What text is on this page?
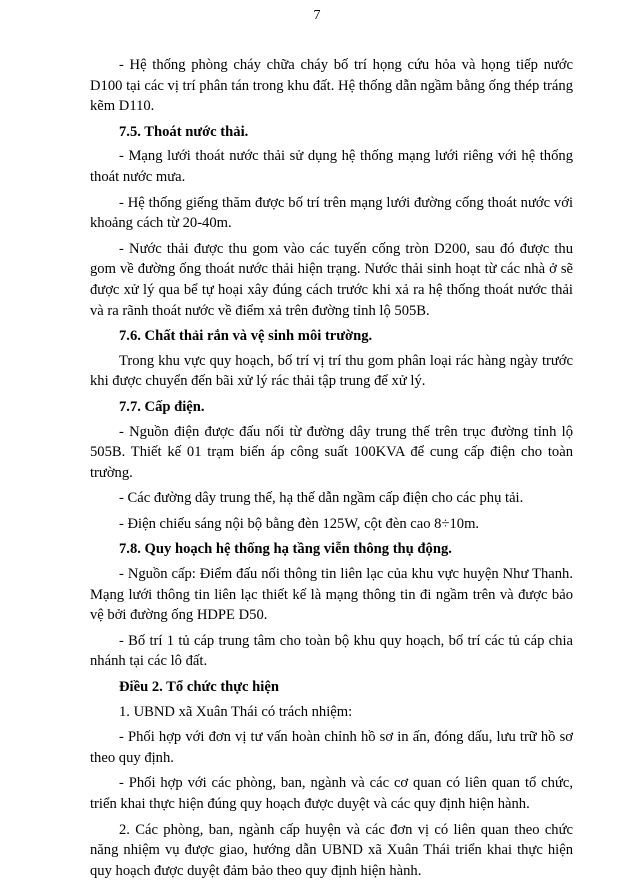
7

- Hệ thống phòng cháy chữa cháy bố trí họng cứu hỏa và họng tiếp nước D100 tại các vị trí phân tán trong khu đất. Hệ thống dẫn ngầm bằng ống thép tráng kẽm D110.

7.5. Thoát nước thải.

- Mạng lưới thoát nước thải sử dụng hệ thống mạng lưới riêng với hệ thống thoát nước mưa.

- Hệ thống giếng thăm được bố trí trên mạng lưới đường cống thoát nước với khoảng cách từ 20-40m.

- Nước thải được thu gom vào các tuyến cống tròn D200, sau đó được thu gom về đường ống thoát nước thải hiện trạng. Nước thải sinh hoạt từ các nhà ở sẽ được xử lý qua bể tự hoại xây đúng cách trước khi xả ra hệ thống thoát nước thải và ra rãnh thoát nước về điểm xả trên đường tỉnh lộ 505B.

7.6. Chất thải rắn và vệ sinh môi trường.

Trong khu vực quy hoạch, bố trí vị trí thu gom phân loại rác hàng ngày trước khi được chuyển đến bãi xử lý rác thải tập trung để xử lý.

7.7. Cấp điện.

- Nguồn điện được đấu nối từ đường dây trung thế trên trục đường tỉnh lộ 505B. Thiết kế 01 trạm biến áp công suất 100KVA để cung cấp điện cho toàn trường.

- Các đường dây trung thế, hạ thế dẫn ngầm cấp điện cho các phụ tải.

- Điện chiếu sáng nội bộ bằng đèn 125W, cột đèn cao 8÷10m.

7.8. Quy hoạch hệ thống hạ tầng viễn thông thụ động.

- Nguồn cấp: Điểm đấu nối thông tin liên lạc của khu vực huyện Như Thanh. Mạng lưới thông tin liên lạc thiết kế là mạng thông tin đi ngầm trên và được bảo vệ bởi đường ống HDPE D50.

- Bố trí 1 tủ cáp trung tâm cho toàn bộ khu quy hoạch, bố trí các tủ cáp chia nhánh tại các lô đất.

Điều 2. Tổ chức thực hiện

1. UBND xã Xuân Thái có trách nhiệm:

- Phối hợp với đơn vị tư vấn hoàn chỉnh hồ sơ in ấn, đóng dấu, lưu trữ hồ sơ theo quy định.

- Phối hợp với các phòng, ban, ngành và các cơ quan có liên quan tổ chức, triển khai thực hiện đúng quy hoạch được duyệt và các quy định hiện hành.

2. Các phòng, ban, ngành cấp huyện và các đơn vị có liên quan theo chức năng nhiệm vụ được giao, hướng dẫn UBND xã Xuân Thái triển khai thực hiện quy hoạch được duyệt đảm bảo theo quy định hiện hành.
